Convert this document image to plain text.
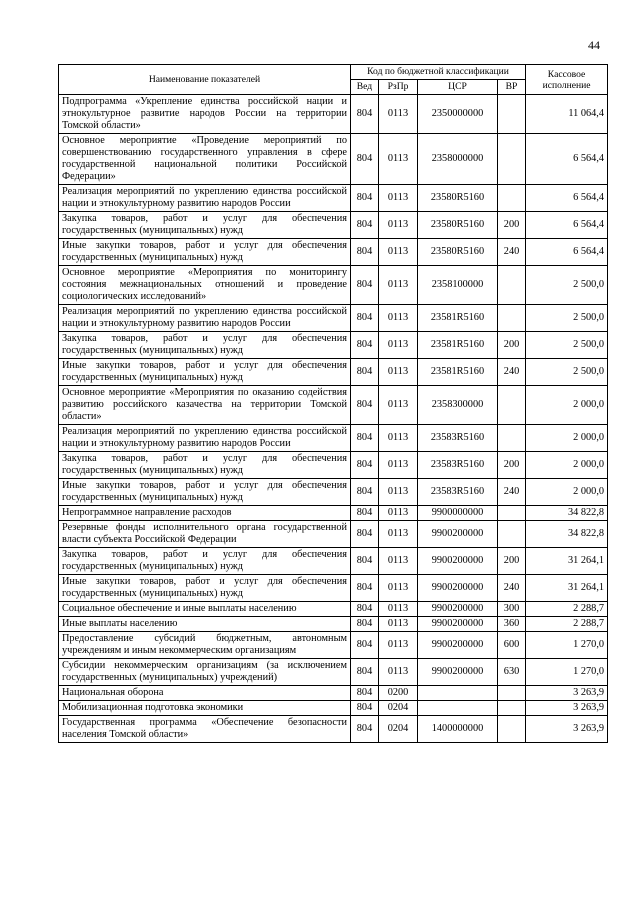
44
Наименование показателей	Код по бюджетной классификации				Кассовое исполнение
	Вед	РзПр	ЦСР	ВР	
Подпрограмма «Укрепление единства российской нации и этнокультурное развитие народов России на территории Томской области»	804	0113	2350000000		11 064,4
Основное мероприятие «Проведение мероприятий по совершенствованию государственного управления в сфере государственной национальной политики Российской Федерации»	804	0113	2358000000		6 564,4
Реализация мероприятий по укреплению единства российской нации и этнокультурному развитию народов России	804	0113	23580R5160		6 564,4
Закупка товаров, работ и услуг для обеспечения государственных (муниципальных) нужд	804	0113	23580R5160	200	6 564,4
Иные закупки товаров, работ и услуг для обеспечения государственных (муниципальных) нужд	804	0113	23580R5160	240	6 564,4
Основное мероприятие «Мероприятия по мониторингу состояния межнациональных отношений и проведение социологических исследований»	804	0113	2358100000		2 500,0
Реализация мероприятий по укреплению единства российской нации и этнокультурному развитию народов России	804	0113	23581R5160		2 500,0
Закупка товаров, работ и услуг для обеспечения государственных (муниципальных) нужд	804	0113	23581R5160	200	2 500,0
Иные закупки товаров, работ и услуг для обеспечения государственных (муниципальных) нужд	804	0113	23581R5160	240	2 500,0
Основное мероприятие «Мероприятия по оказанию содействия развитию российского казачества на территории Томской области»	804	0113	2358300000		2 000,0
Реализация мероприятий по укреплению единства российской нации и этнокультурному развитию народов России	804	0113	23583R5160		2 000,0
Закупка товаров, работ и услуг для обеспечения государственных (муниципальных) нужд	804	0113	23583R5160	200	2 000,0
Иные закупки товаров, работ и услуг для обеспечения государственных (муниципальных) нужд	804	0113	23583R5160	240	2 000,0
Непрограммное направление расходов	804	0113	9900000000		34 822,8
Резервные фонды исполнительного органа государственной власти субъекта Российской Федерации	804	0113	9900200000		34 822,8
Закупка товаров, работ и услуг для обеспечения государственных (муниципальных) нужд	804	0113	9900200000	200	31 264,1
Иные закупки товаров, работ и услуг для обеспечения государственных (муниципальных) нужд	804	0113	9900200000	240	31 264,1
Социальное обеспечение и иные выплаты населению	804	0113	9900200000	300	2 288,7
Иные выплаты населению	804	0113	9900200000	360	2 288,7
Предоставление субсидий бюджетным, автономным учреждениям и иным некоммерческим организациям	804	0113	9900200000	600	1 270,0
Субсидии некоммерческим организациям (за исключением государственных (муниципальных) учреждений)	804	0113	9900200000	630	1 270,0
Национальная оборона	804	0200			3 263,9
Мобилизационная подготовка экономики	804	0204			3 263,9
Государственная программа «Обеспечение безопасности населения Томской области»	804	0204	1400000000		3 263,9
